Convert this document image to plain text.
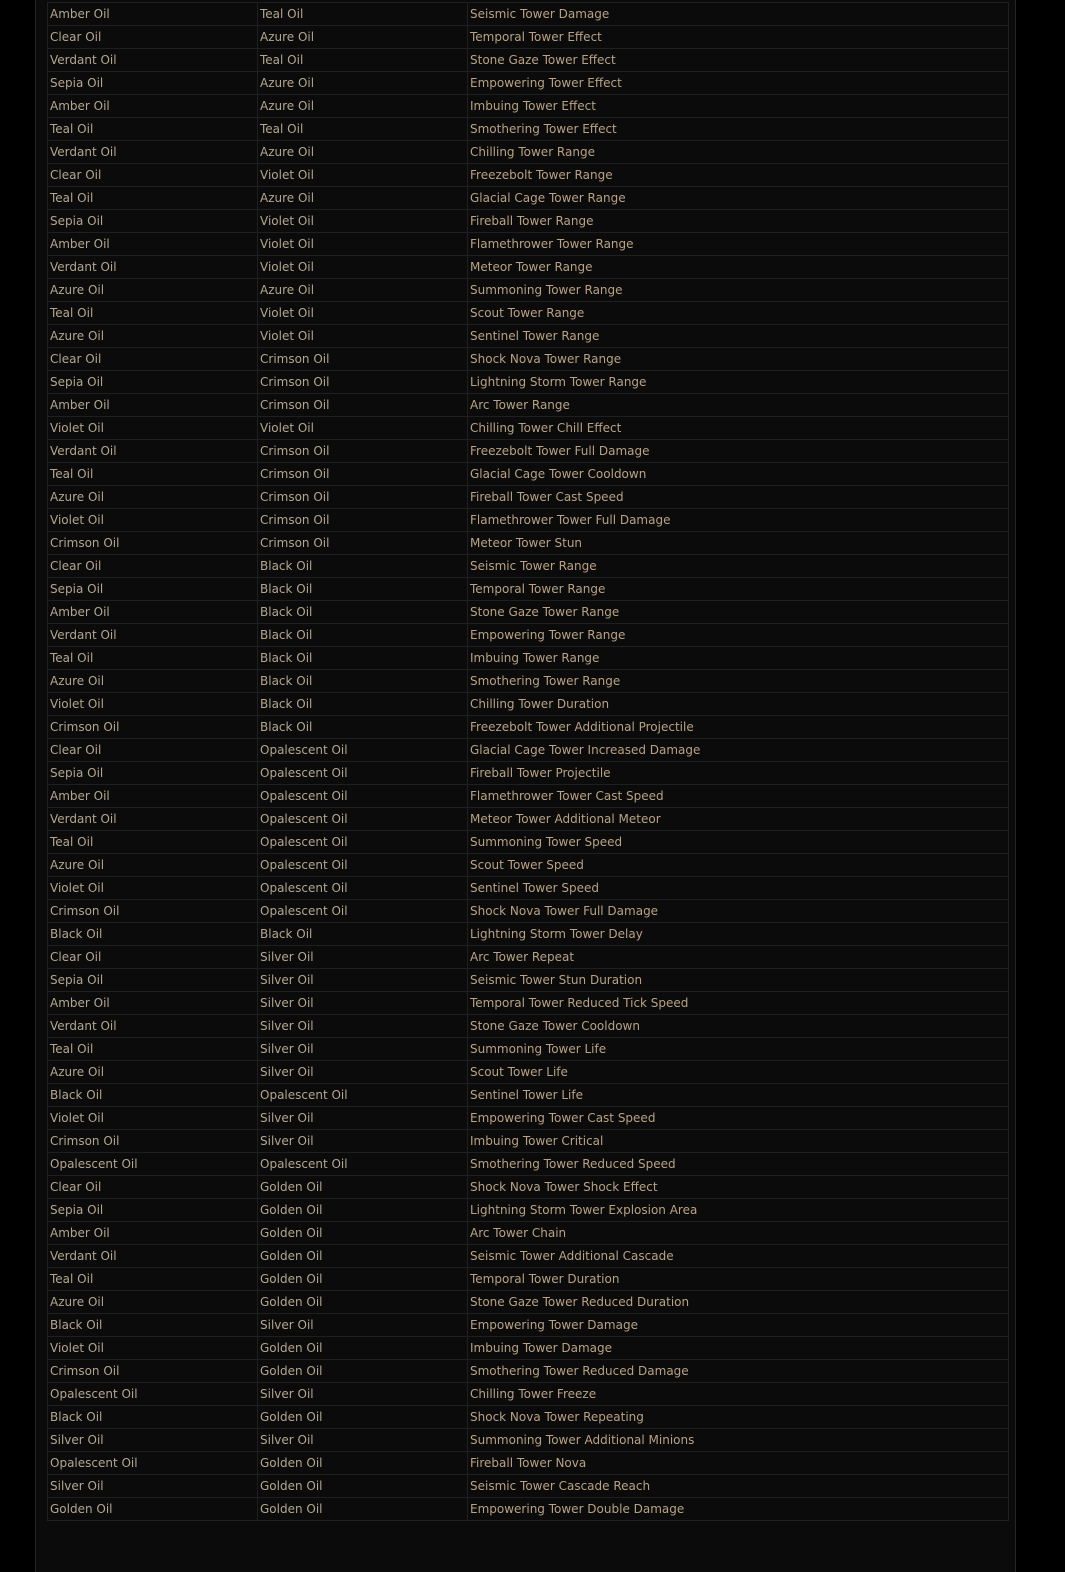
Amber Oil	Teal Oil	Seismic Tower Damage
Clear Oil	Azure Oil	Temporal Tower Effect
Verdant Oil	Teal Oil	Stone Gaze Tower Effect
Sepia Oil	Azure Oil	Empowering Tower Effect
Amber Oil	Azure Oil	Imbuing Tower Effect
Teal Oil	Teal Oil	Smothering Tower Effect
Verdant Oil	Azure Oil	Chilling Tower Range
Clear Oil	Violet Oil	Freezebolt Tower Range
Teal Oil	Azure Oil	Glacial Cage Tower Range
Sepia Oil	Violet Oil	Fireball Tower Range
Amber Oil	Violet Oil	Flamethrower Tower Range
Verdant Oil	Violet Oil	Meteor Tower Range
Azure Oil	Azure Oil	Summoning Tower Range
Teal Oil	Violet Oil	Scout Tower Range
Azure Oil	Violet Oil	Sentinel Tower Range
Clear Oil	Crimson Oil	Shock Nova Tower Range
Sepia Oil	Crimson Oil	Lightning Storm Tower Range
Amber Oil	Crimson Oil	Arc Tower Range
Violet Oil	Violet Oil	Chilling Tower Chill Effect
Verdant Oil	Crimson Oil	Freezebolt Tower Full Damage
Teal Oil	Crimson Oil	Glacial Cage Tower Cooldown
Azure Oil	Crimson Oil	Fireball Tower Cast Speed
Violet Oil	Crimson Oil	Flamethrower Tower Full Damage
Crimson Oil	Crimson Oil	Meteor Tower Stun
Clear Oil	Black Oil	Seismic Tower Range
Sepia Oil	Black Oil	Temporal Tower Range
Amber Oil	Black Oil	Stone Gaze Tower Range
Verdant Oil	Black Oil	Empowering Tower Range
Teal Oil	Black Oil	Imbuing Tower Range
Azure Oil	Black Oil	Smothering Tower Range
Violet Oil	Black Oil	Chilling Tower Duration
Crimson Oil	Black Oil	Freezebolt Tower Additional Projectile
Clear Oil	Opalescent Oil	Glacial Cage Tower Increased Damage
Sepia Oil	Opalescent Oil	Fireball Tower Projectile
Amber Oil	Opalescent Oil	Flamethrower Tower Cast Speed
Verdant Oil	Opalescent Oil	Meteor Tower Additional Meteor
Teal Oil	Opalescent Oil	Summoning Tower Speed
Azure Oil	Opalescent Oil	Scout Tower Speed
Violet Oil	Opalescent Oil	Sentinel Tower Speed
Crimson Oil	Opalescent Oil	Shock Nova Tower Full Damage
Black Oil	Black Oil	Lightning Storm Tower Delay
Clear Oil	Silver Oil	Arc Tower Repeat
Sepia Oil	Silver Oil	Seismic Tower Stun Duration
Amber Oil	Silver Oil	Temporal Tower Reduced Tick Speed
Verdant Oil	Silver Oil	Stone Gaze Tower Cooldown
Teal Oil	Silver Oil	Summoning Tower Life
Azure Oil	Silver Oil	Scout Tower Life
Black Oil	Opalescent Oil	Sentinel Tower Life
Violet Oil	Silver Oil	Empowering Tower Cast Speed
Crimson Oil	Silver Oil	Imbuing Tower Critical
Opalescent Oil	Opalescent Oil	Smothering Tower Reduced Speed
Clear Oil	Golden Oil	Shock Nova Tower Shock Effect
Sepia Oil	Golden Oil	Lightning Storm Tower Explosion Area
Amber Oil	Golden Oil	Arc Tower Chain
Verdant Oil	Golden Oil	Seismic Tower Additional Cascade
Teal Oil	Golden Oil	Temporal Tower Duration
Azure Oil	Golden Oil	Stone Gaze Tower Reduced Duration
Black Oil	Silver Oil	Empowering Tower Damage
Violet Oil	Golden Oil	Imbuing Tower Damage
Crimson Oil	Golden Oil	Smothering Tower Reduced Damage
Opalescent Oil	Silver Oil	Chilling Tower Freeze
Black Oil	Golden Oil	Shock Nova Tower Repeating
Silver Oil	Silver Oil	Summoning Tower Additional Minions
Opalescent Oil	Golden Oil	Fireball Tower Nova
Silver Oil	Golden Oil	Seismic Tower Cascade Reach
Golden Oil	Golden Oil	Empowering Tower Double Damage
